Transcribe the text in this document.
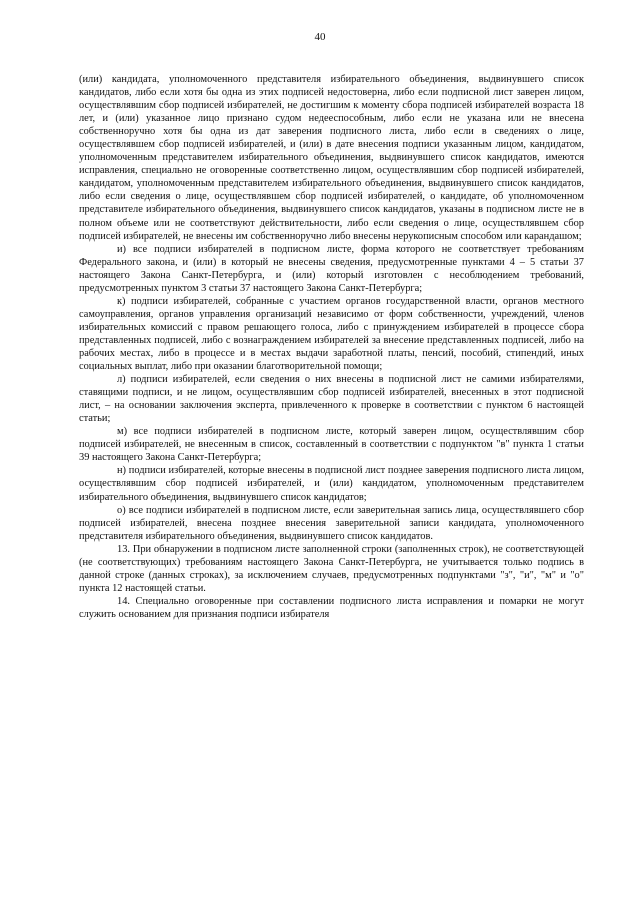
40

(или) кандидата, уполномоченного представителя избирательного объединения, выдвинувшего список кандидатов, либо если хотя бы одна из этих подписей недостоверна, либо если подписной лист заверен лицом, осуществлявшим сбор подписей избирателей, не достигшим к моменту сбора подписей избирателей возраста 18 лет, и (или) указанное лицо признано судом недееспособным, либо если не указана или не внесена собственноручно хотя бы одна из дат заверения подписного листа, либо если в сведениях о лице, осуществлявшем сбор подписей избирателей, и (или) в дате внесения подписи указанным лицом, кандидатом, уполномоченным представителем избирательного объединения, выдвинувшего список кандидатов, имеются исправления, специально не оговоренные соответственно лицом, осуществлявшим сбор подписей избирателей, кандидатом, уполномоченным представителем избирательного объединения, выдвинувшего список кандидатов, либо если сведения о лице, осуществлявшем сбор подписей избирателей, о кандидате, об уполномоченном представителе избирательного объединения, выдвинувшего список кандидатов, указаны в подписном листе не в полном объеме или не соответствуют действительности, либо если сведения о лице, осуществлявшем сбор подписей избирателей, не внесены им собственноручно либо внесены нерукописным способом или карандашом;

и) все подписи избирателей в подписном листе, форма которого не соответствует требованиям Федерального закона, и (или) в который не внесены сведения, предусмотренные пунктами 4 – 5 статьи 37 настоящего Закона Санкт-Петербурга, и (или) который изготовлен с несоблюдением требований, предусмотренных пунктом 3 статьи 37 настоящего Закона Санкт-Петербурга;

к) подписи избирателей, собранные с участием органов государственной власти, органов местного самоуправления, органов управления организаций независимо от форм собственности, учреждений, членов избирательных комиссий с правом решающего голоса, либо с принуждением избирателей в процессе сбора представленных подписей, либо с вознаграждением избирателей за внесение представленных подписей, либо на рабочих местах, либо в процессе и в местах выдачи заработной платы, пенсий, пособий, стипендий, иных социальных выплат, либо при оказании благотворительной помощи;

л) подписи избирателей, если сведения о них внесены в подписной лист не самими избирателями, ставящими подписи, и не лицом, осуществлявшим сбор подписей избирателей, внесенных в этот подписной лист, – на основании заключения эксперта, привлеченного к проверке в соответствии с пунктом 6 настоящей статьи;

м) все подписи избирателей в подписном листе, который заверен лицом, осуществлявшим сбор подписей избирателей, не внесенным в список, составленный в соответствии с подпунктом "в" пункта 1 статьи 39 настоящего Закона Санкт-Петербурга;

н) подписи избирателей, которые внесены в подписной лист позднее заверения подписного листа лицом, осуществлявшим сбор подписей избирателей, и (или) кандидатом, уполномоченным представителем избирательного объединения, выдвинувшего список кандидатов;

о) все подписи избирателей в подписном листе, если заверительная запись лица, осуществлявшего сбор подписей избирателей, внесена позднее внесения заверительной записи кандидата, уполномоченного представителя избирательного объединения, выдвинувшего список кандидатов.

13. При обнаружении в подписном листе заполненной строки (заполненных строк), не соответствующей (не соответствующих) требованиям настоящего Закона Санкт-Петербурга, не учитывается только подпись в данной строке (данных строках), за исключением случаев, предусмотренных подпунктами "з", "и", "м" и "о" пункта 12 настоящей статьи.

14. Специально оговоренные при составлении подписного листа исправления и помарки не могут служить основанием для признания подписи избирателя
